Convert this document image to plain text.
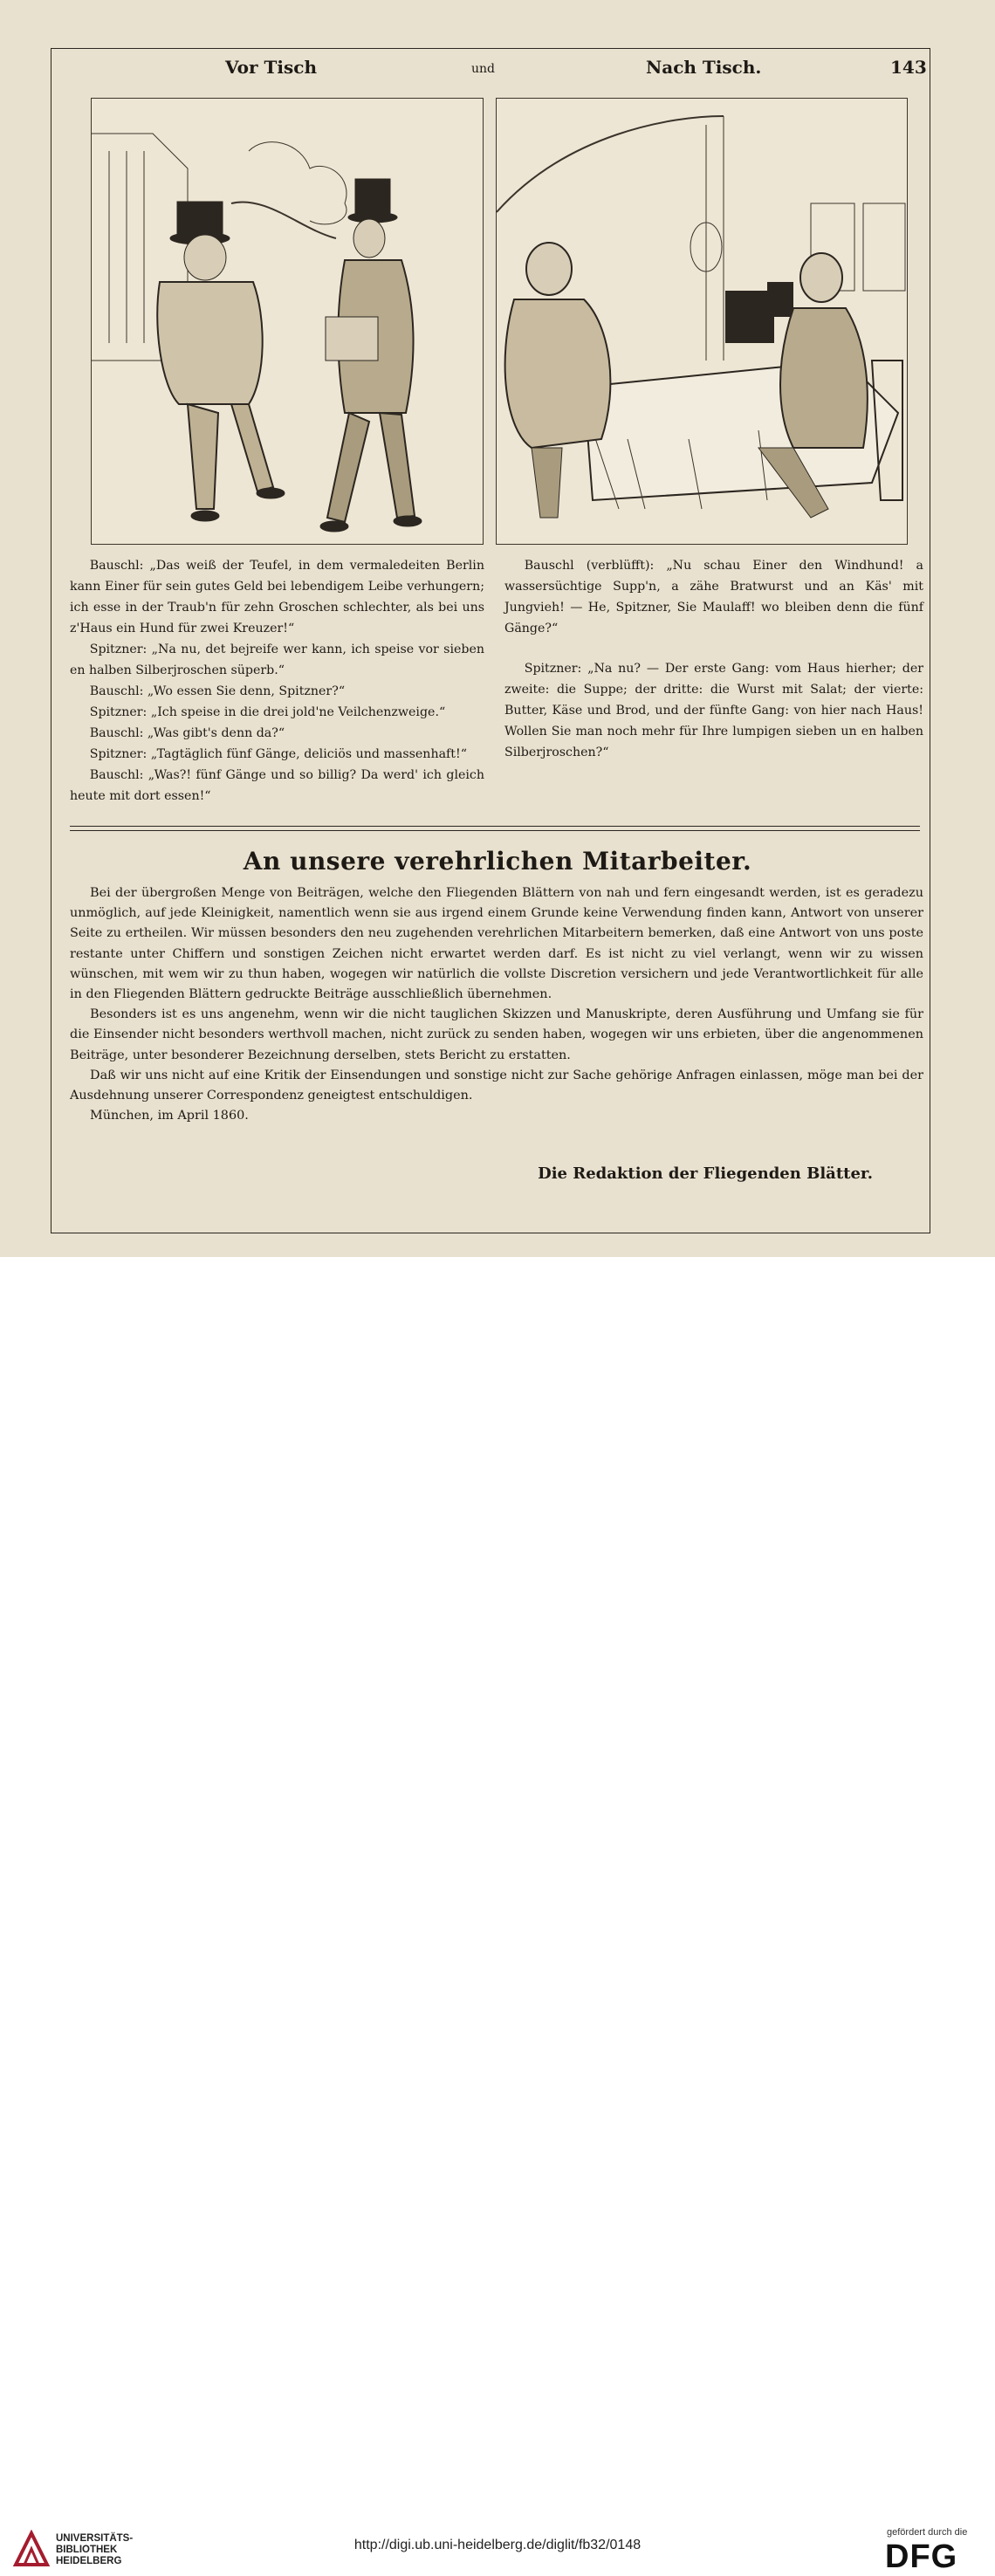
Vor Tisch	und	Nach Tisch.	143

Bauschl: „Das weiß der Teufel, in dem vermaledeiten Berlin kann Einer für sein gutes Geld bei lebendigem Leibe verhungern; ich esse in der Traub'n für zehn Groschen schlechter, als bei uns z'Haus ein Hund für zwei Kreuzer!“

Spitzner: „Na nu, det bejreife wer kann, ich speise vor sieben en halben Silberjroschen süperb.“

Bauschl: „Wo essen Sie denn, Spitzner?“

Spitzner: „Ich speise in die drei jold'ne Veilchenzweige.“

Bauschl: „Was gibt's denn da?“

Spitzner: „Tagtäglich fünf Gänge, deliciös und massenhaft!“

Bauschl: „Was?! fünf Gänge und so billig? Da werd' ich gleich heute mit dort essen!“

Bauschl (verblüfft): „Nu schau Einer den Windhund! a wassersüchtige Supp'n, a zähe Bratwurst und an Käs' mit Jungvieh! — He, Spitzner, Sie Maulaff! wo bleiben denn die fünf Gänge?“

Spitzner: „Na nu? — Der erste Gang: vom Haus hierher; der zweite: die Suppe; der dritte: die Wurst mit Salat; der vierte: Butter, Käse und Brod, und der fünfte Gang: von hier nach Haus! Wollen Sie man noch mehr für Ihre lumpigen sieben un en halben Silberjroschen?“

An unsere verehrlichen Mitarbeiter.

Bei der übergroßen Menge von Beiträgen, welche den Fliegenden Blättern von nah und fern eingesandt werden, ist es geradezu unmöglich, auf jede Kleinigkeit, namentlich wenn sie aus irgend einem Grunde keine Verwendung finden kann, Antwort von unserer Seite zu ertheilen. Wir müssen besonders den neu zugehenden verehrlichen Mitarbeitern bemerken, daß eine Antwort von uns poste restante unter Chiffern und sonstigen Zeichen nicht erwartet werden darf. Es ist nicht zu viel verlangt, wenn wir zu wissen wünschen, mit wem wir zu thun haben, wogegen wir natürlich die vollste Discretion versichern und jede Verantwortlichkeit für alle in den Fliegenden Blättern gedruckte Beiträge ausschließlich übernehmen.

Besonders ist es uns angenehm, wenn wir die nicht tauglichen Skizzen und Manuskripte, deren Ausführung und Umfang sie für die Einsender nicht besonders werthvoll machen, nicht zurück zu senden haben, wogegen wir uns erbieten, über die angenommenen Beiträge, unter besonderer Bezeichnung derselben, stets Bericht zu erstatten.

Daß wir uns nicht auf eine Kritik der Einsendungen und sonstige nicht zur Sache gehörige Anfragen einlassen, möge man bei der Ausdehnung unserer Correspondenz geneigtest entschuldigen.

München, im April 1860.

Die Redaktion der Fliegenden Blätter.
UNIVERSITÄTS-
BIBLIOTHEK
HEIDELBERG
http://digi.ub.uni-heidelberg.de/diglit/fb32/0148
gefördert durch die
DFG
